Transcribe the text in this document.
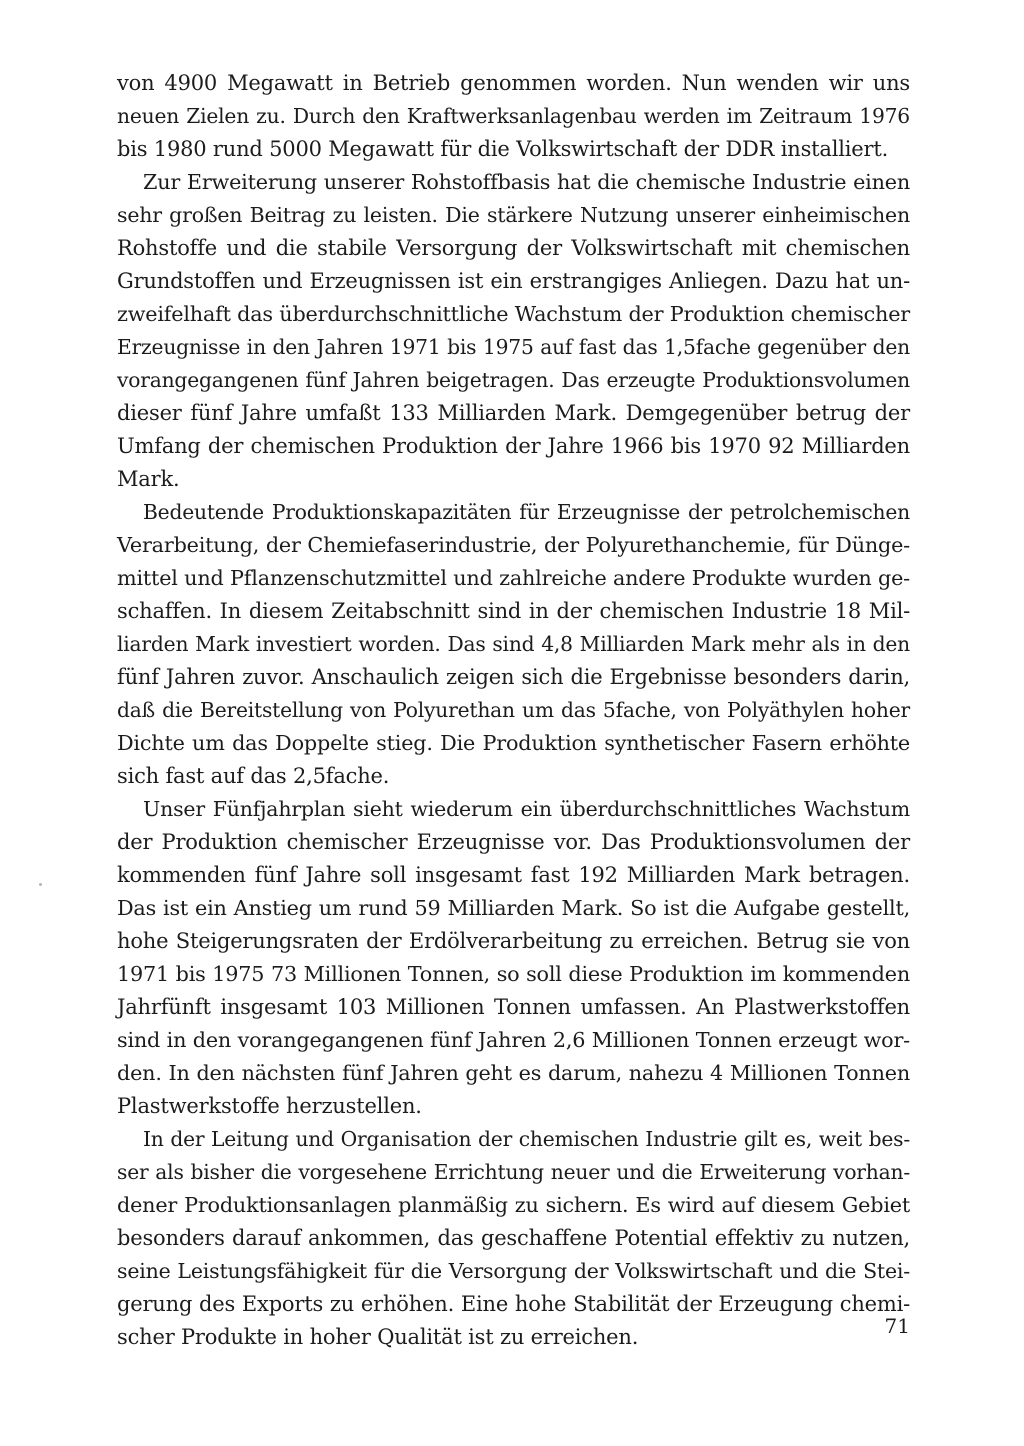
von 4900 Megawatt in Betrieb genommen worden. Nun wenden wir uns
neuen Zielen zu. Durch den Kraftwerksanlagenbau werden im Zeitraum 1976
bis 1980 rund 5000 Megawatt für die Volkswirtschaft der DDR installiert.
Zur Erweiterung unserer Rohstoffbasis hat die chemische Industrie einen
sehr großen Beitrag zu leisten. Die stärkere Nutzung unserer einheimischen
Rohstoffe und die stabile Versorgung der Volkswirtschaft mit chemischen
Grundstoffen und Erzeugnissen ist ein erstrangiges Anliegen. Dazu hat un-
zweifelhaft das überdurchschnittliche Wachstum der Produktion chemischer
Erzeugnisse in den Jahren 1971 bis 1975 auf fast das 1,5fache gegenüber den
vorangegangenen fünf Jahren beigetragen. Das erzeugte Produktionsvolumen
dieser fünf Jahre umfaßt 133 Milliarden Mark. Demgegenüber betrug der
Umfang der chemischen Produktion der Jahre 1966 bis 1970 92 Milliarden
Mark.
Bedeutende Produktionskapazitäten für Erzeugnisse der petrolchemischen
Verarbeitung, der Chemiefaserindustrie, der Polyurethanchemie, für Dünge-
mittel und Pflanzenschutzmittel und zahlreiche andere Produkte wurden ge-
schaffen. In diesem Zeitabschnitt sind in der chemischen Industrie 18 Mil-
liarden Mark investiert worden. Das sind 4,8 Milliarden Mark mehr als in den
fünf Jahren zuvor. Anschaulich zeigen sich die Ergebnisse besonders darin,
daß die Bereitstellung von Polyurethan um das 5fache, von Polyäthylen hoher
Dichte um das Doppelte stieg. Die Produktion synthetischer Fasern erhöhte
sich fast auf das 2,5fache.
Unser Fünfjahrplan sieht wiederum ein überdurchschnittliches Wachstum
der Produktion chemischer Erzeugnisse vor. Das Produktionsvolumen der
kommenden fünf Jahre soll insgesamt fast 192 Milliarden Mark betragen.
Das ist ein Anstieg um rund 59 Milliarden Mark. So ist die Aufgabe gestellt,
hohe Steigerungsraten der Erdölverarbeitung zu erreichen. Betrug sie von
1971 bis 1975 73 Millionen Tonnen, so soll diese Produktion im kommenden
Jahrfünft insgesamt 103 Millionen Tonnen umfassen. An Plastwerkstoffen
sind in den vorangegangenen fünf Jahren 2,6 Millionen Tonnen erzeugt wor-
den. In den nächsten fünf Jahren geht es darum, nahezu 4 Millionen Tonnen
Plastwerkstoffe herzustellen.
In der Leitung und Organisation der chemischen Industrie gilt es, weit bes-
ser als bisher die vorgesehene Errichtung neuer und die Erweiterung vorhan-
dener Produktionsanlagen planmäßig zu sichern. Es wird auf diesem Gebiet
besonders darauf ankommen, das geschaffene Potential effektiv zu nutzen,
seine Leistungsfähigkeit für die Versorgung der Volkswirtschaft und die Stei-
gerung des Exports zu erhöhen. Eine hohe Stabilität der Erzeugung chemi-
scher Produkte in hoher Qualität ist zu erreichen.	71
